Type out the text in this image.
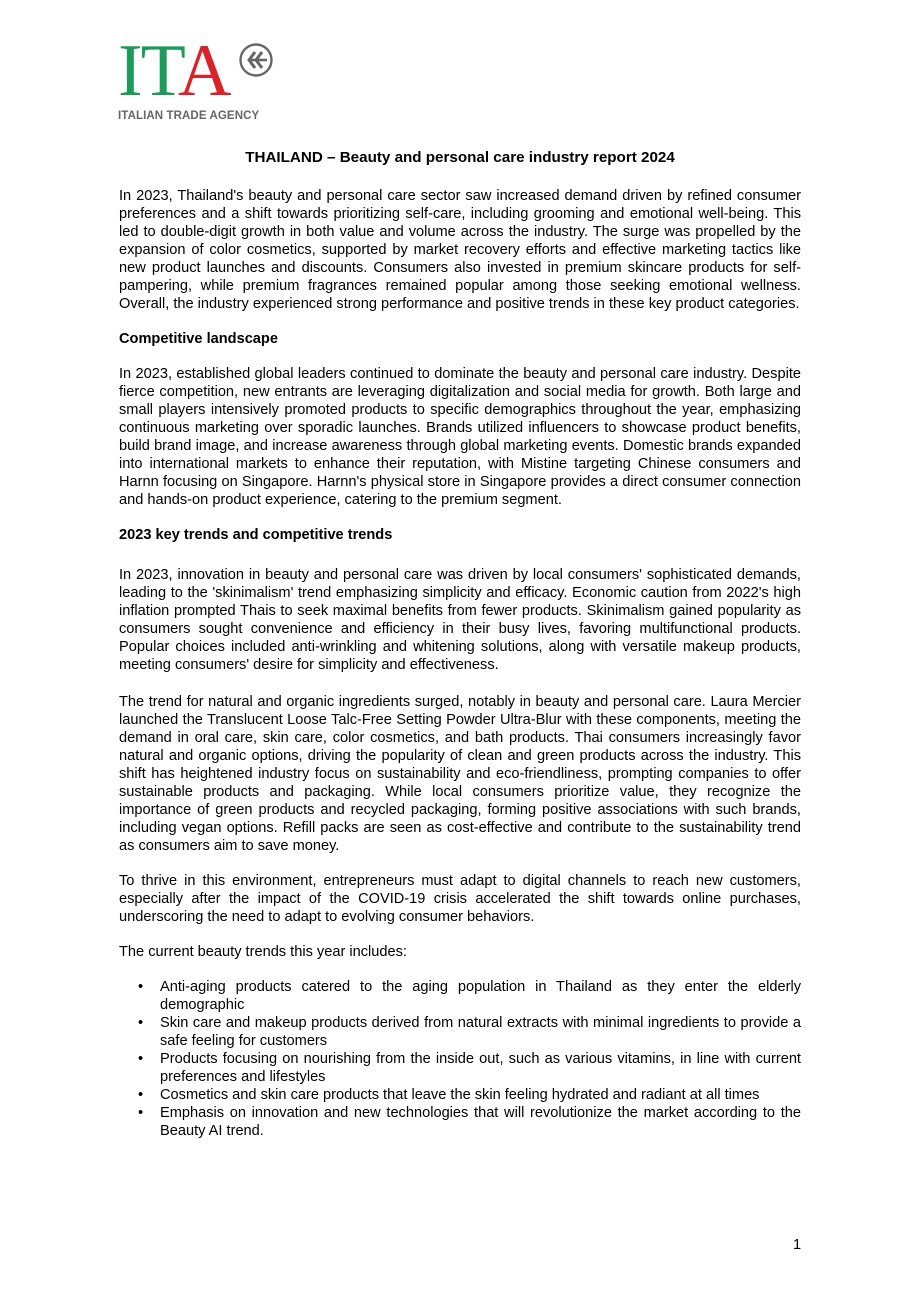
ITA
ITALIAN TRADE AGENCY
THAILAND – Beauty and personal care industry report 2024

In 2023, Thailand's beauty and personal care sector saw increased demand driven by refined consumer preferences and a shift towards prioritizing self-care, including grooming and emotional well-being. This led to double-digit growth in both value and volume across the industry. The surge was propelled by the expansion of color cosmetics, supported by market recovery efforts and effective marketing tactics like new product launches and discounts. Consumers also invested in premium skincare products for self-pampering, while premium fragrances remained popular among those seeking emotional wellness. Overall, the industry experienced strong performance and positive trends in these key product categories.

Competitive landscape

In 2023, established global leaders continued to dominate the beauty and personal care industry. Despite fierce competition, new entrants are leveraging digitalization and social media for growth. Both large and small players intensively promoted products to specific demographics throughout the year, emphasizing continuous marketing over sporadic launches. Brands utilized influencers to showcase product benefits, build brand image, and increase awareness through global marketing events. Domestic brands expanded into international markets to enhance their reputation, with Mistine targeting Chinese consumers and Harnn focusing on Singapore. Harnn's physical store in Singapore provides a direct consumer connection and hands-on product experience, catering to the premium segment.

2023 key trends and competitive trends

In 2023, innovation in beauty and personal care was driven by local consumers' sophisticated demands, leading to the 'skinimalism' trend emphasizing simplicity and efficacy. Economic caution from 2022's high inflation prompted Thais to seek maximal benefits from fewer products. Skinimalism gained popularity as consumers sought convenience and efficiency in their busy lives, favoring multifunctional products. Popular choices included anti-wrinkling and whitening solutions, along with versatile makeup products, meeting consumers' desire for simplicity and effectiveness.

The trend for natural and organic ingredients surged, notably in beauty and personal care. Laura Mercier launched the Translucent Loose Talc-Free Setting Powder Ultra-Blur with these components, meeting the demand in oral care, skin care, color cosmetics, and bath products. Thai consumers increasingly favor natural and organic options, driving the popularity of clean and green products across the industry. This shift has heightened industry focus on sustainability and eco-friendliness, prompting companies to offer sustainable products and packaging. While local consumers prioritize value, they recognize the importance of green products and recycled packaging, forming positive associations with such brands, including vegan options. Refill packs are seen as cost-effective and contribute to the sustainability trend as consumers aim to save money.

To thrive in this environment, entrepreneurs must adapt to digital channels to reach new customers, especially after the impact of the COVID-19 crisis accelerated the shift towards online purchases, underscoring the need to adapt to evolving consumer behaviors.

The current beauty trends this year includes:

• Anti-aging products catered to the aging population in Thailand as they enter the elderly demographic
• Skin care and makeup products derived from natural extracts with minimal ingredients to provide a safe feeling for customers
• Products focusing on nourishing from the inside out, such as various vitamins, in line with current preferences and lifestyles
• Cosmetics and skin care products that leave the skin feeling hydrated and radiant at all times
• Emphasis on innovation and new technologies that will revolutionize the market according to the Beauty AI trend.
1
